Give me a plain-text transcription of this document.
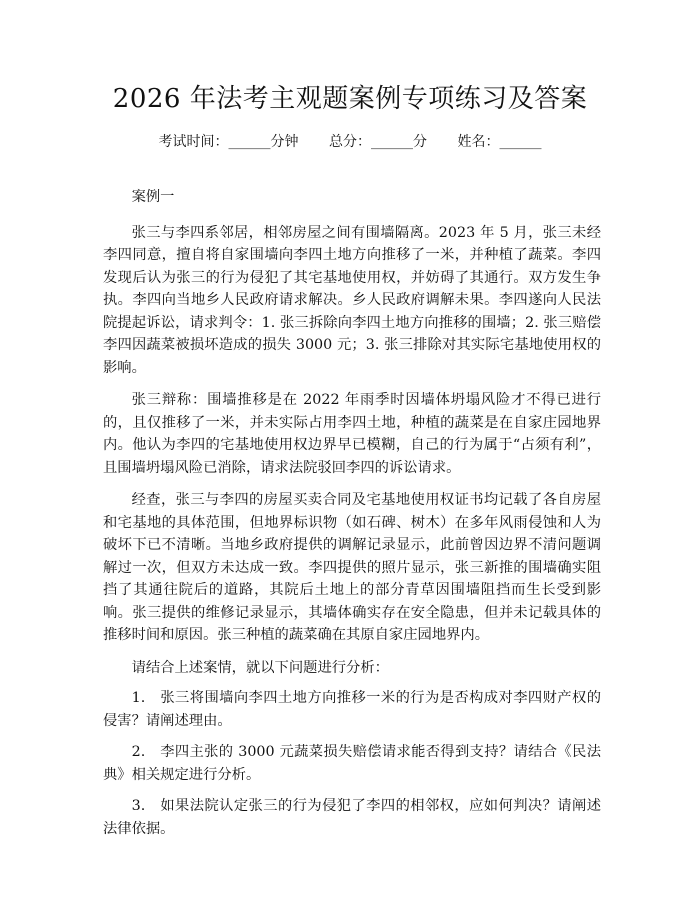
2026 年法考主观题案例专项练习及答案
考试时间：______分钟 总分：______分 姓名：______

案例一

张三与李四系邻居，相邻房屋之间有围墙隔离。2023 年 5 月，张三未经李四同意，擅自将自家围墙向李四土地方向推移了一米，并种植了蔬菜。李四发现后认为张三的行为侵犯了其宅基地使用权，并妨碍了其通行。双方发生争执。李四向当地乡人民政府请求解决。乡人民政府调解未果。李四遂向人民法院提起诉讼，请求判令：1. 张三拆除向李四土地方向推移的围墙；2. 张三赔偿李四因蔬菜被损坏造成的损失 3000 元；3. 张三排除对其实际宅基地使用权的影响。

张三辩称：围墙推移是在 2022 年雨季时因墙体坍塌风险才不得已进行的，且仅推移了一米，并未实际占用李四土地，种植的蔬菜是在自家庄园地界内。他认为李四的宅基地使用权边界早已模糊，自己的行为属于“占须有利”，且围墙坍塌风险已消除，请求法院驳回李四的诉讼请求。

经查，张三与李四的房屋买卖合同及宅基地使用权证书均记载了各自房屋和宅基地的具体范围，但地界标识物（如石碑、树木）在多年风雨侵蚀和人为破坏下已不清晰。当地乡政府提供的调解记录显示，此前曾因边界不清问题调解过一次，但双方未达成一致。李四提供的照片显示，张三新推的围墙确实阻挡了其通往院后的道路，其院后土地上的部分青草因围墙阻挡而生长受到影响。张三提供的维修记录显示，其墙体确实存在安全隐患，但并未记载具体的推移时间和原因。张三种植的蔬菜确在其原自家庄园地界内。

请结合上述案情，就以下问题进行分析：

1.　张三将围墙向李四土地方向推移一米的行为是否构成对李四财产权的侵害？请阐述理由。

2.　李四主张的 3000 元蔬菜损失赔偿请求能否得到支持？请结合《民法典》相关规定进行分析。

3.　如果法院认定张三的行为侵犯了李四的相邻权，应如何判决？请阐述法律依据。
